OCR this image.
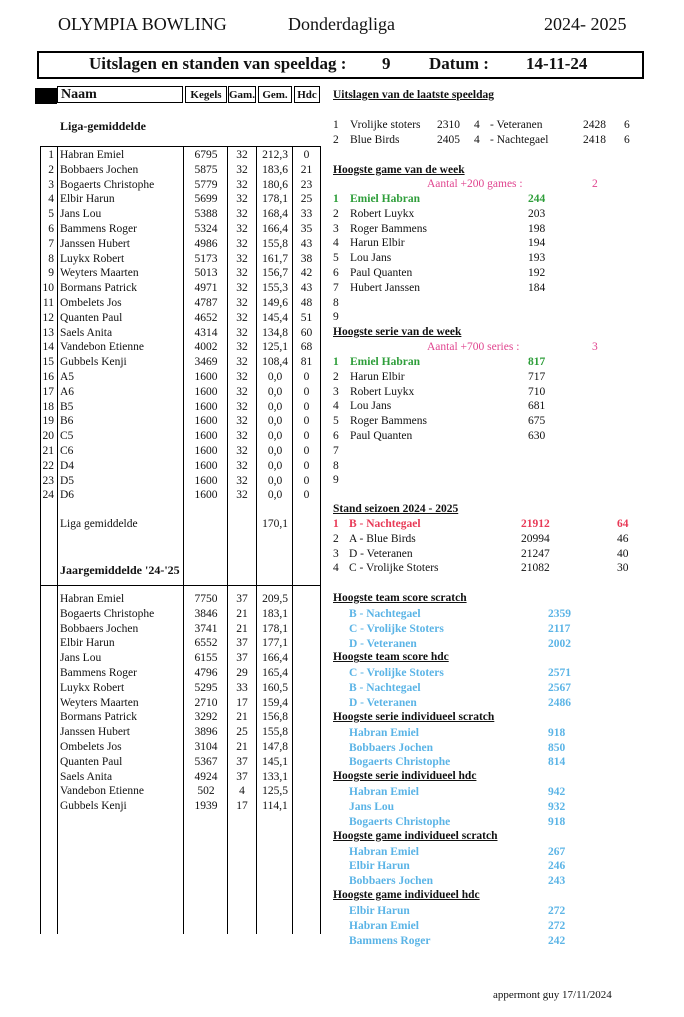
OLYMPIA BOWLING	Donderdagliga	2024- 2025
Uitslagen en standen van speeldag : 9 Datum : 14-11-24
Naam	Kegels Gam. Gem. Hdc
Liga-gemiddelde
1 Habran Emiel	6795	32	212,3	0
2 Bobbaers Jochen	5875	32	183,6	21
3 Bogaerts Christophe	5779	32	180,6	23
4 Elbir Harun	5699	32	178,1	25
5 Jans Lou	5388	32	168,4	33
6 Bammens Roger	5324	32	166,4	35
7 Janssen Hubert	4986	32	155,8	43
8 Luykx Robert	5173	32	161,7	38
9 Weyters Maarten	5013	32	156,7	42
10 Bormans Patrick	4971	32	155,3	43
11 Ombelets Jos	4787	32	149,6	48
12 Quanten Paul	4652	32	145,4	51
13 Saels Anita	4314	32	134,8	60
14 Vandebon Etienne	4002	32	125,1	68
15 Gubbels Kenji	3469	32	108,4	81
16 A5	1600	32	0,0	0
17 A6	1600	32	0,0	0
18 B5	1600	32	0,0	0
19 B6	1600	32	0,0	0
20 C5	1600	32	0,0	0
21 C6	1600	32	0,0	0
22 D4	1600	32	0,0	0
23 D5	1600	32	0,0	0
24 D6	1600	32	0,0	0
Liga gemiddelde	170,1
Jaargemiddelde '24-'25
Habran Emiel	7750	37	209,5
Bogaerts Christophe	3846	21	183,1
Bobbaers Jochen	3741	21	178,1
Elbir Harun	6552	37	177,1
Jans Lou	6155	37	166,4
Bammens Roger	4796	29	165,4
Luykx Robert	5295	33	160,5
Weyters Maarten	2710	17	159,4
Bormans Patrick	3292	21	156,8
Janssen Hubert	3896	25	155,8
Ombelets Jos	3104	21	147,8
Quanten Paul	5367	37	145,1
Saels Anita	4924	37	133,1
Vandebon Etienne	502	4	125,5
Gubbels Kenji	1939	17	114,1
Uitslagen van de laatste speeldag
1 Vrolijke stoters 2310 4 - Veteranen	2428 6
2 Blue Birds	2405 4 - Nachtegael	2418 6
Hoogste game van de week
Aantal +200 games :	2
1 Emiel Habran	244
2 Robert Luykx	203
3 Roger Bammens	198
4 Harun Elbir	194
5 Lou Jans	193
6 Paul Quanten	192
7 Hubert Janssen	184
8
9
Hoogste serie van de week
Aantal +700 series :	3
1 Emiel Habran	817
2 Harun Elbir	717
3 Robert Luykx	710
4 Lou Jans	681
5 Roger Bammens	675
6 Paul Quanten	630
7
8
9
Stand seizoen 2024 - 2025
1 B - Nachtegael	21912	64
2 A - Blue Birds	20994	46
3 D - Veteranen	21247	40
4 C - Vrolijke Stoters	21082	30
Hoogste team score scratch
B - Nachtegael	2359
C - Vrolijke Stoters	2117
D - Veteranen	2002
Hoogste team score hdc
C - Vrolijke Stoters	2571
B - Nachtegael	2567
D - Veteranen	2486
Hoogste serie individueel scratch
Habran Emiel	918
Bobbaers Jochen	850
Bogaerts Christophe	814
Hoogste serie individueel hdc
Habran Emiel	942
Jans Lou	932
Bogaerts Christophe	918
Hoogste game individueel scratch
Habran Emiel	267
Elbir Harun	246
Bobbaers Jochen	243
Hoogste game individueel hdc
Elbir Harun	272
Habran Emiel	272
Bammens Roger	242
appermont guy 17/11/2024
